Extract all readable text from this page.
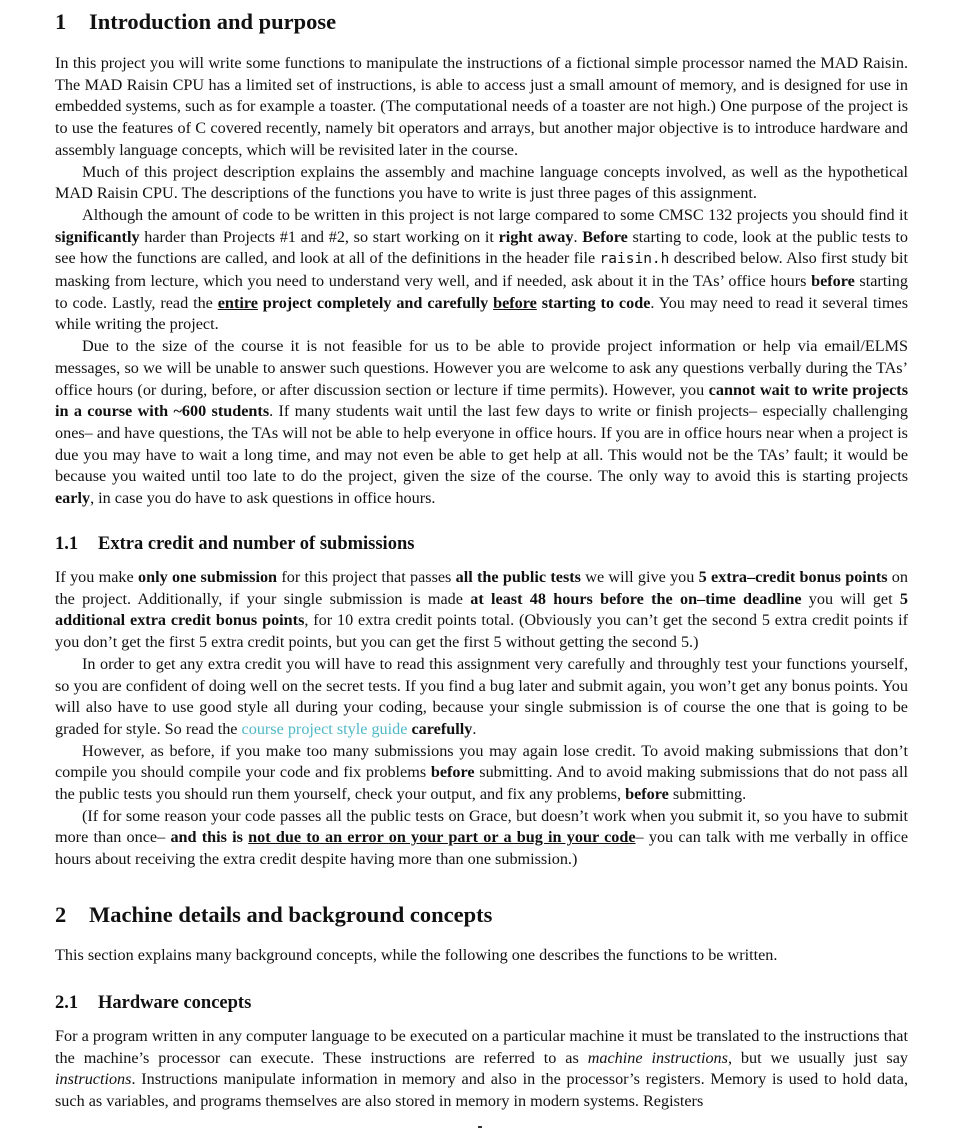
1 Introduction and purpose

In this project you will write some functions to manipulate the instructions of a fictional simple processor named the MAD Raisin. The MAD Raisin CPU has a limited set of instructions, is able to access just a small amount of memory, and is designed for use in embedded systems, such as for example a toaster. (The computational needs of a toaster are not high.) One purpose of the project is to use the features of C covered recently, namely bit operators and arrays, but another major objective is to introduce hardware and assembly language concepts, which will be revisited later in the course.

Much of this project description explains the assembly and machine language concepts involved, as well as the hypothetical MAD Raisin CPU. The descriptions of the functions you have to write is just three pages of this assignment.

Although the amount of code to be written in this project is not large compared to some CMSC 132 projects you should find it significantly harder than Projects #1 and #2, so start working on it right away. Before starting to code, look at the public tests to see how the functions are called, and look at all of the definitions in the header file raisin.h described below. Also first study bit masking from lecture, which you need to understand very well, and if needed, ask about it in the TAs’ office hours before starting to code. Lastly, read the entire project completely and carefully before starting to code. You may need to read it several times while writing the project.

Due to the size of the course it is not feasible for us to be able to provide project information or help via email/ELMS messages, so we will be unable to answer such questions. However you are welcome to ask any questions verbally during the TAs’ office hours (or during, before, or after discussion section or lecture if time permits). However, you cannot wait to write projects in a course with ~600 students. If many students wait until the last few days to write or finish projects– especially challenging ones– and have questions, the TAs will not be able to help everyone in office hours. If you are in office hours near when a project is due you may have to wait a long time, and may not even be able to get help at all. This would not be the TAs’ fault; it would be because you waited until too late to do the project, given the size of the course. The only way to avoid this is starting projects early, in case you do have to ask questions in office hours.

1.1 Extra credit and number of submissions

If you make only one submission for this project that passes all the public tests we will give you 5 extra–credit bonus points on the project. Additionally, if your single submission is made at least 48 hours before the on–time deadline you will get 5 additional extra credit bonus points, for 10 extra credit points total. (Obviously you can’t get the second 5 extra credit points if you don’t get the first 5 extra credit points, but you can get the first 5 without getting the second 5.)

In order to get any extra credit you will have to read this assignment very carefully and throughly test your functions yourself, so you are confident of doing well on the secret tests. If you find a bug later and submit again, you won’t get any bonus points. You will also have to use good style all during your coding, because your single submission is of course the one that is going to be graded for style. So read the course project style guide carefully.

However, as before, if you make too many submissions you may again lose credit. To avoid making submissions that don’t compile you should compile your code and fix problems before submitting. And to avoid making submissions that do not pass all the public tests you should run them yourself, check your output, and fix any problems, before submitting.

(If for some reason your code passes all the public tests on Grace, but doesn’t work when you submit it, so you have to submit more than once– and this is not due to an error on your part or a bug in your code– you can talk with me verbally in office hours about receiving the extra credit despite having more than one submission.)

2 Machine details and background concepts

This section explains many background concepts, while the following one describes the functions to be written.

2.1 Hardware concepts

For a program written in any computer language to be executed on a particular machine it must be translated to the instructions that the machine’s processor can execute. These instructions are referred to as machine instructions, but we usually just say instructions. Instructions manipulate information in memory and also in the processor’s registers. Memory is used to hold data, such as variables, and programs themselves are also stored in memory in modern systems. Registers
